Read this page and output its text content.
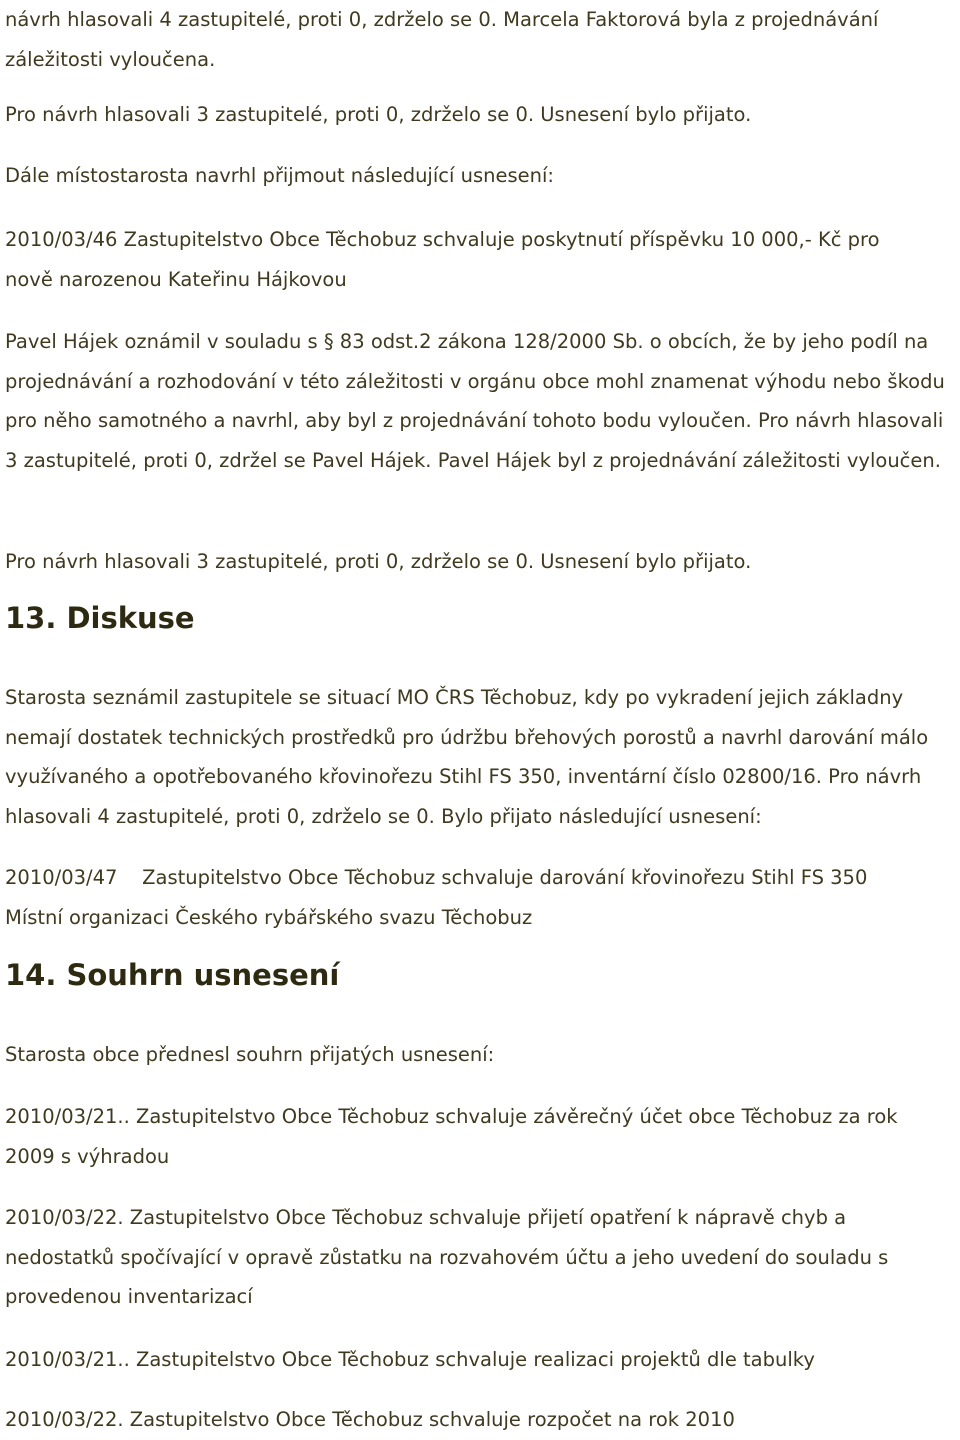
návrh hlasovali 4 zastupitelé, proti 0, zdrželo se 0. Marcela Faktorová byla z projednávání záležitosti vyloučena.

Pro návrh hlasovali 3 zastupitelé, proti 0, zdrželo se 0. Usnesení bylo přijato.

Dále místostarosta navrhl přijmout následující usnesení:

2010/03/46 Zastupitelstvo Obce Těchobuz schvaluje poskytnutí příspěvku 10 000,- Kč pro nově narozenou Kateřinu Hájkovou

Pavel Hájek oznámil v souladu s § 83 odst.2 zákona 128/2000 Sb. o obcích, že by jeho podíl na projednávání a rozhodování v této záležitosti v orgánu obce mohl znamenat výhodu nebo škodu pro něho samotného a navrhl, aby byl z projednávání tohoto bodu vyloučen. Pro návrh hlasovali 3 zastupitelé, proti 0, zdržel se Pavel Hájek. Pavel Hájek byl z projednávání záležitosti vyloučen.

Pro návrh hlasovali 3 zastupitelé, proti 0, zdrželo se 0. Usnesení bylo přijato.

13. Diskuse

Starosta seznámil zastupitele se situací MO ČRS Těchobuz, kdy po vykradení jejich základny nemají dostatek technických prostředků pro údržbu břehových porostů a navrhl darování málo využívaného a opotřebovaného křovinořezu Stihl FS 350, inventární číslo 02800/16. Pro návrh hlasovali 4 zastupitelé, proti 0, zdrželo se 0. Bylo přijato následující usnesení:

2010/03/47    Zastupitelstvo Obce Těchobuz schvaluje darování křovinořezu Stihl FS 350 Místní organizaci Českého rybářského svazu Těchobuz

14. Souhrn usnesení

Starosta obce přednesl souhrn přijatých usnesení:

2010/03/21.. Zastupitelstvo Obce Těchobuz schvaluje závěrečný účet obce Těchobuz za rok 2009 s výhradou

2010/03/22. Zastupitelstvo Obce Těchobuz schvaluje přijetí opatření k nápravě chyb a nedostatků spočívající v opravě zůstatku na rozvahovém účtu a jeho uvedení do souladu s provedenou inventarizací

2010/03/21.. Zastupitelstvo Obce Těchobuz schvaluje realizaci projektů dle tabulky

2010/03/22. Zastupitelstvo Obce Těchobuz schvaluje rozpočet na rok 2010
